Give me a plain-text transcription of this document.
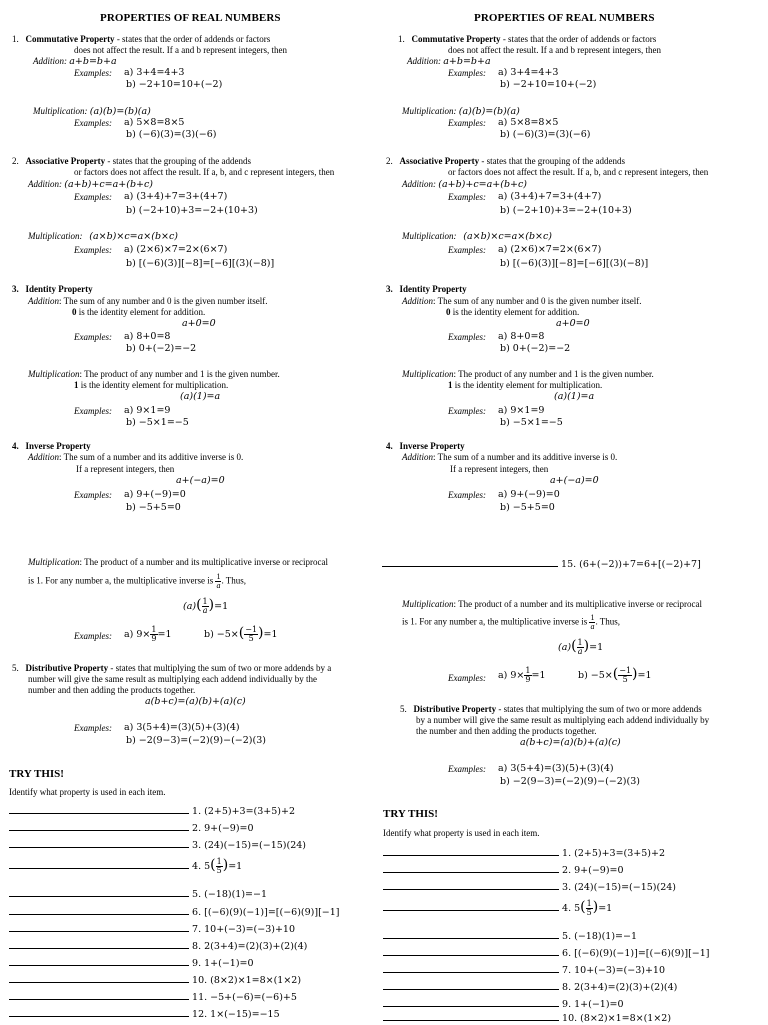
PROPERTIES OF REAL NUMBERS
1. Commutative Property - states that the order of addends or factors
does not affect the result. If a and b represent integers, then
Addition: a+b=b+a
Examples: a) 3+4=4+3
b) −2+10=10+(−2)
Multiplication: (a)(b)=(b)(a)
Examples: a) 5×8=8×5
b) (−6)(3)=(3)(−6)
2. Associative Property - states that the grouping of the addends
or factors does not affect the result. If a, b, and c represent integers, then
Addition: (a+b)+c=a+(b+c)
Examples: a) (3+4)+7=3+(4+7)
b) (−2+10)+3=−2+(10+3)
Multiplication: (a×b)×c=a×(b×c)
Examples: a) (2×6)×7=2×(6×7)
b) [(−6)(3)][−8]=[−6][(3)(−8)]
3. Identity Property
Addition: The sum of any number and 0 is the given number itself.
0 is the identity element for addition.
a+0=0
Examples: a) 8+0=8
b) 0+(−2)=−2
Multiplication: The product of any number and 1 is the given number.
1 is the identity element for multiplication.
(a)(1)=a
Examples: a) 9×1=9
b) −5×1=−5
4. Inverse Property
Addition: The sum of a number and its additive inverse is 0.
If a represent integers, then
a+(−a)=0
Examples: a) 9+(−9)=0
b) −5+5=0
Multiplication: The product of a number and its multiplicative inverse or reciprocal
is 1. For any number a, the multiplicative inverse is $\frac{1}{a}$ . Thus,
$(a)( \frac{1}{a} )=1$
Examples: a) $9\times \frac{1}{9} =1$	$b) -5\times( \frac{-1}{5} )=1$
5. Distributive Property - states that multiplying the sum of two or more addends by a
number will give the same result as multiplying each addend individually by the
number and then adding the products together.
a(b+c)=(a)(b)+(a)(c)
Examples: a) 3(5+4)=(3)(5)+(3)(4)
b) −2(9−3)=(−2)(9)−(−2)(3)
TRY THIS!
Identify what property is used in each item.
1. (2+5)+3=(3+5)+2
2. 9+(−9)=0
3. (24)(−15)=(−15)(24)
4. $5( \frac{1}{5} )=1$
5. (−18)(1)=−1
6. [(−6)(9)(−1)]=[(−6)(9)][−1]
7. 10+(−3)=(−3)+10
8. 2(3+4)=(2)(3)+(2)(4)
9. 1+(−1)=0
10. (8×2)×1=8×(1×2)
11. −5+(−6)=(−6)+5
12. 1×(−15)=−15
PROPERTIES OF REAL NUMBERS
1. Commutative Property - states that the order of addends or factors
does not affect the result. If a and b represent integers, then
Addition: a+b=b+a
Examples: a) 3+4=4+3
b) −2+10=10+(−2)
Multiplication: (a)(b)=(b)(a)
Examples: a) 5×8=8×5
b) (−6)(3)=(3)(−6)
2. Associative Property - states that the grouping of the addends
or factors does not affect the result. If a, b, and c represent integers, then
Addition: (a+b)+c=a+(b+c)
Examples: a) (3+4)+7=3+(4+7)
b) (−2+10)+3=−2+(10+3)
Multiplication: (a×b)×c=a×(b×c)
Examples: a) (2×6)×7=2×(6×7)
b) [(−6)(3)][−8]=[−6][(3)(−8)]
3. Identity Property
Addition: The sum of any number and 0 is the given number itself.
0 is the identity element for addition.
a+0=0
Examples: a) 8+0=8
b) 0+(−2)=−2
Multiplication: The product of any number and 1 is the given number.
1 is the identity element for multiplication.
(a)(1)=a
Examples: a) 9×1=9
b) −5×1=−5
4. Inverse Property
Addition: The sum of a number and its additive inverse is 0.
If a represent integers, then
a+(−a)=0
Examples: a) 9+(−9)=0
b) −5+5=0
15. (6+(−2))+7=6+[(−2)+7]
Multiplication: The product of a number and its multiplicative inverse or reciprocal
is 1. For any number a, the multiplicative inverse is $\frac{1}{a}$ . Thus,
$(a)( \frac{1}{a} )=1$
Examples: a) $9\times \frac{1}{9} =1$	$b) -5\times( \frac{-1}{5} )=1$
5. Distributive Property - states that multiplying the sum of two or more addends
by a number will give the same result as multiplying each addend individually by
the number and then adding the products together.
a(b+c)=(a)(b)+(a)(c)
Examples: a) 3(5+4)=(3)(5)+(3)(4)
b) −2(9−3)=(−2)(9)−(−2)(3)
TRY THIS!
Identify what property is used in each item.
1. (2+5)+3=(3+5)+2
2. 9+(−9)=0
3. (24)(−15)=(−15)(24)
4. $5( \frac{1}{5} )=1$
5. (−18)(1)=−1
6. [(−6)(9)(−1)]=[(−6)(9)][−1]
7. 10+(−3)=(−3)+10
8. 2(3+4)=(2)(3)+(2)(4)
9. 1+(−1)=0
10. (8×2)×1=8×(1×2)
